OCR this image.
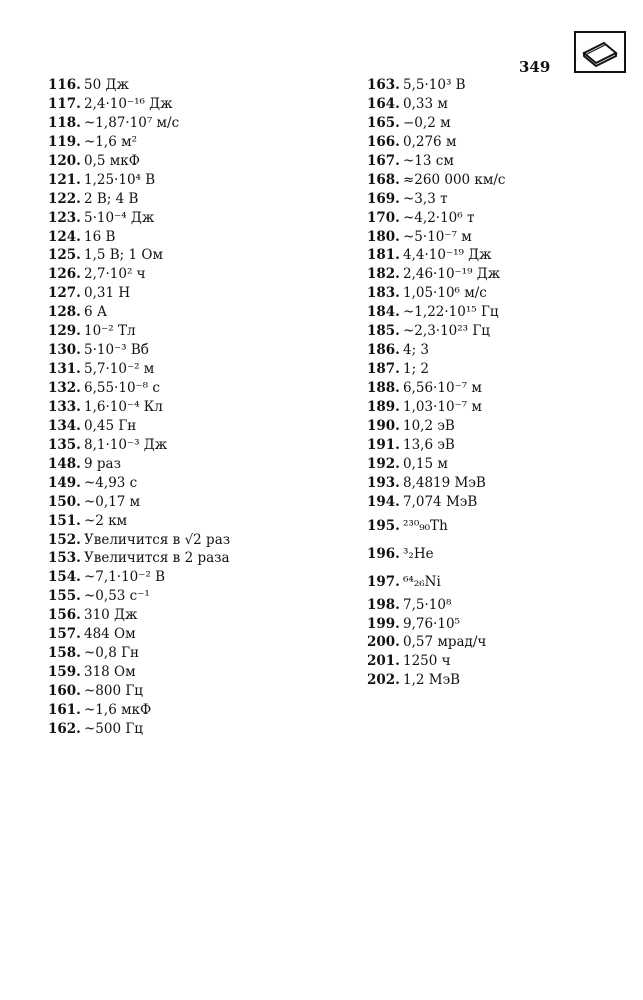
349
116. 50 Дж
117. 2,4·10⁻¹⁶ Дж
118. ~1,87·10⁷ м/с
119. ~1,6 м²
120. 0,5 мкФ
121. 1,25·10⁴ В
122. 2 В; 4 В
123. 5·10⁻⁴ Дж
124. 16 В
125. 1,5 В; 1 Ом
126. 2,7·10² ч
127. 0,31 Н
128. 6 А
129. 10⁻² Тл
130. 5·10⁻³ Вб
131. 5,7·10⁻² м
132. 6,55·10⁻⁸ с
133. 1,6·10⁻⁴ Кл
134. 0,45 Гн
135. 8,1·10⁻³ Дж
148. 9 раз
149. ~4,93 с
150. ~0,17 м
151. ~2 км
152. Увеличится в √2 раз
153. Увеличится в 2 раза
154. ~7,1·10⁻² В
155. ~0,53 с⁻¹
156. 310 Дж
157. 484 Ом
158. ~0,8 Гн
159. 318 Ом
160. ~800 Гц
161. ~1,6 мкФ
162. ~500 Гц
163. 5,5·10³ В
164. 0,33 м
165. −0,2 м
166. 0,276 м
167. ~13 см
168. ≈260 000 км/с
169. ~3,3 т
170. ~4,2·10⁶ т
180. ~5·10⁻⁷ м
181. 4,4·10⁻¹⁹ Дж
182. 2,46·10⁻¹⁹ Дж
183. 1,05·10⁶ м/с
184. ~1,22·10¹⁵ Гц
185. ~2,3·10²³ Гц
186. 4; 3
187. 1; 2
188. 6,56·10⁻⁷ м
189. 1,03·10⁻⁷ м
190. 10,2 эВ
191. 13,6 эВ
192. 0,15 м
193. 8,4819 МэВ
194. 7,074 МэВ
195. ²³⁰₉₀Th
196. ³₂He
197. ⁶⁴₂₆Ni
198. 7,5·10⁸
199. 9,76·10⁵
200. 0,57 мрад/ч
201. 1250 ч
202. 1,2 МэВ
